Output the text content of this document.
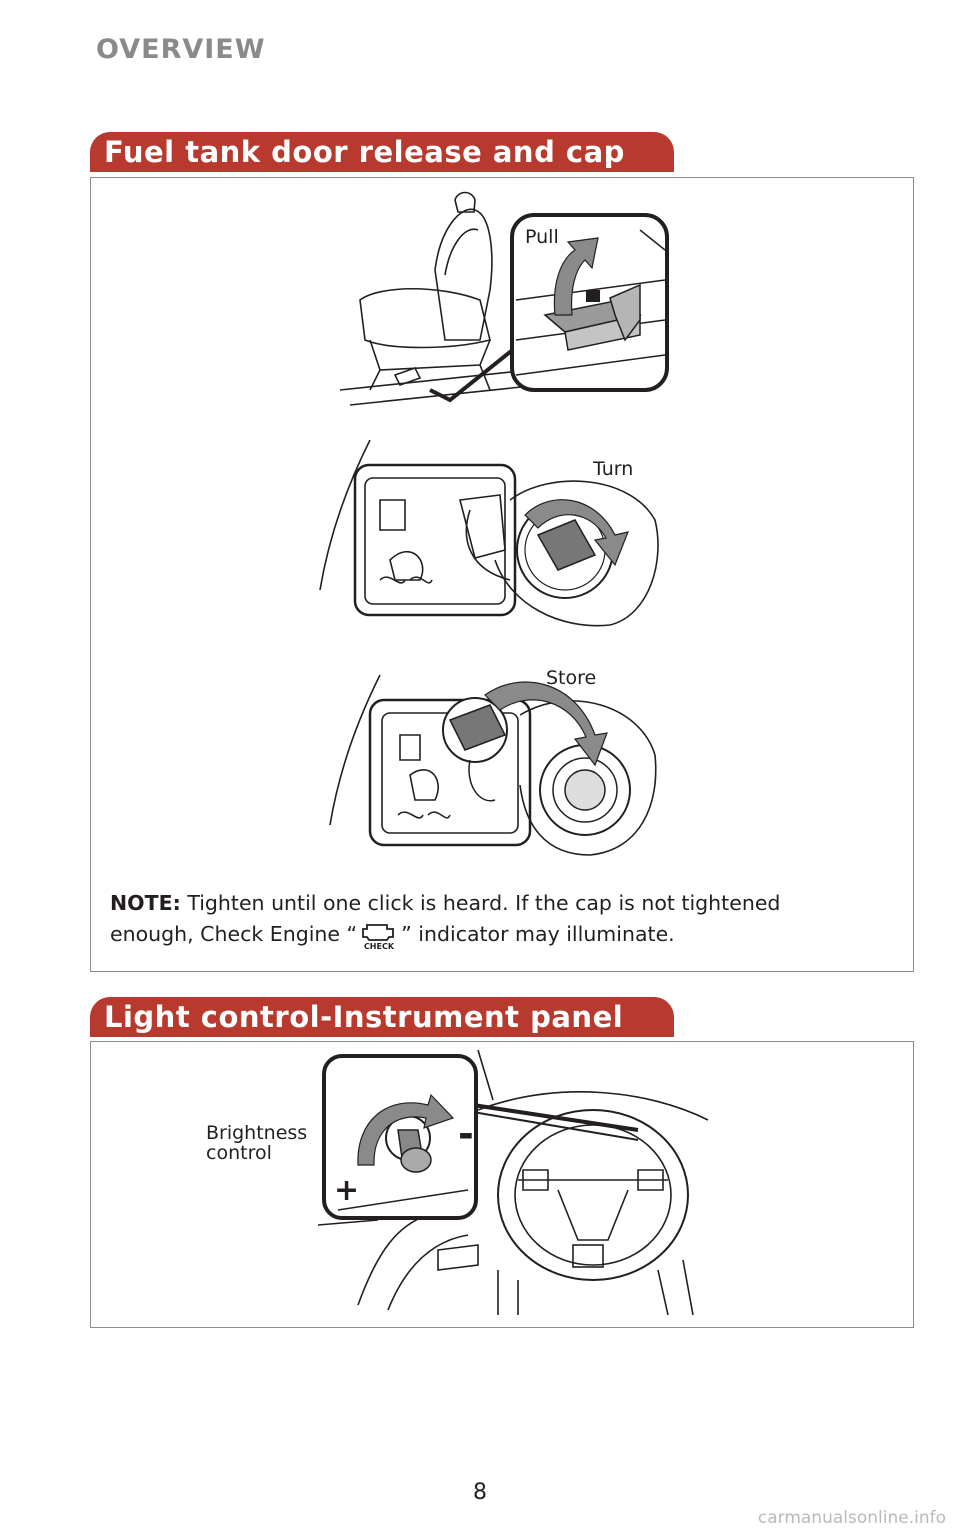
OVERVIEW
Fuel tank door release and cap
Pull
Turn
Store
NOTE: Tighten until one click is heard. If the cap is not tightened
enough, Check Engine “
CHECK
” indicator may illuminate.
Light control-Instrument panel
-
+
Brightness control
8
carmanualsonline.info
